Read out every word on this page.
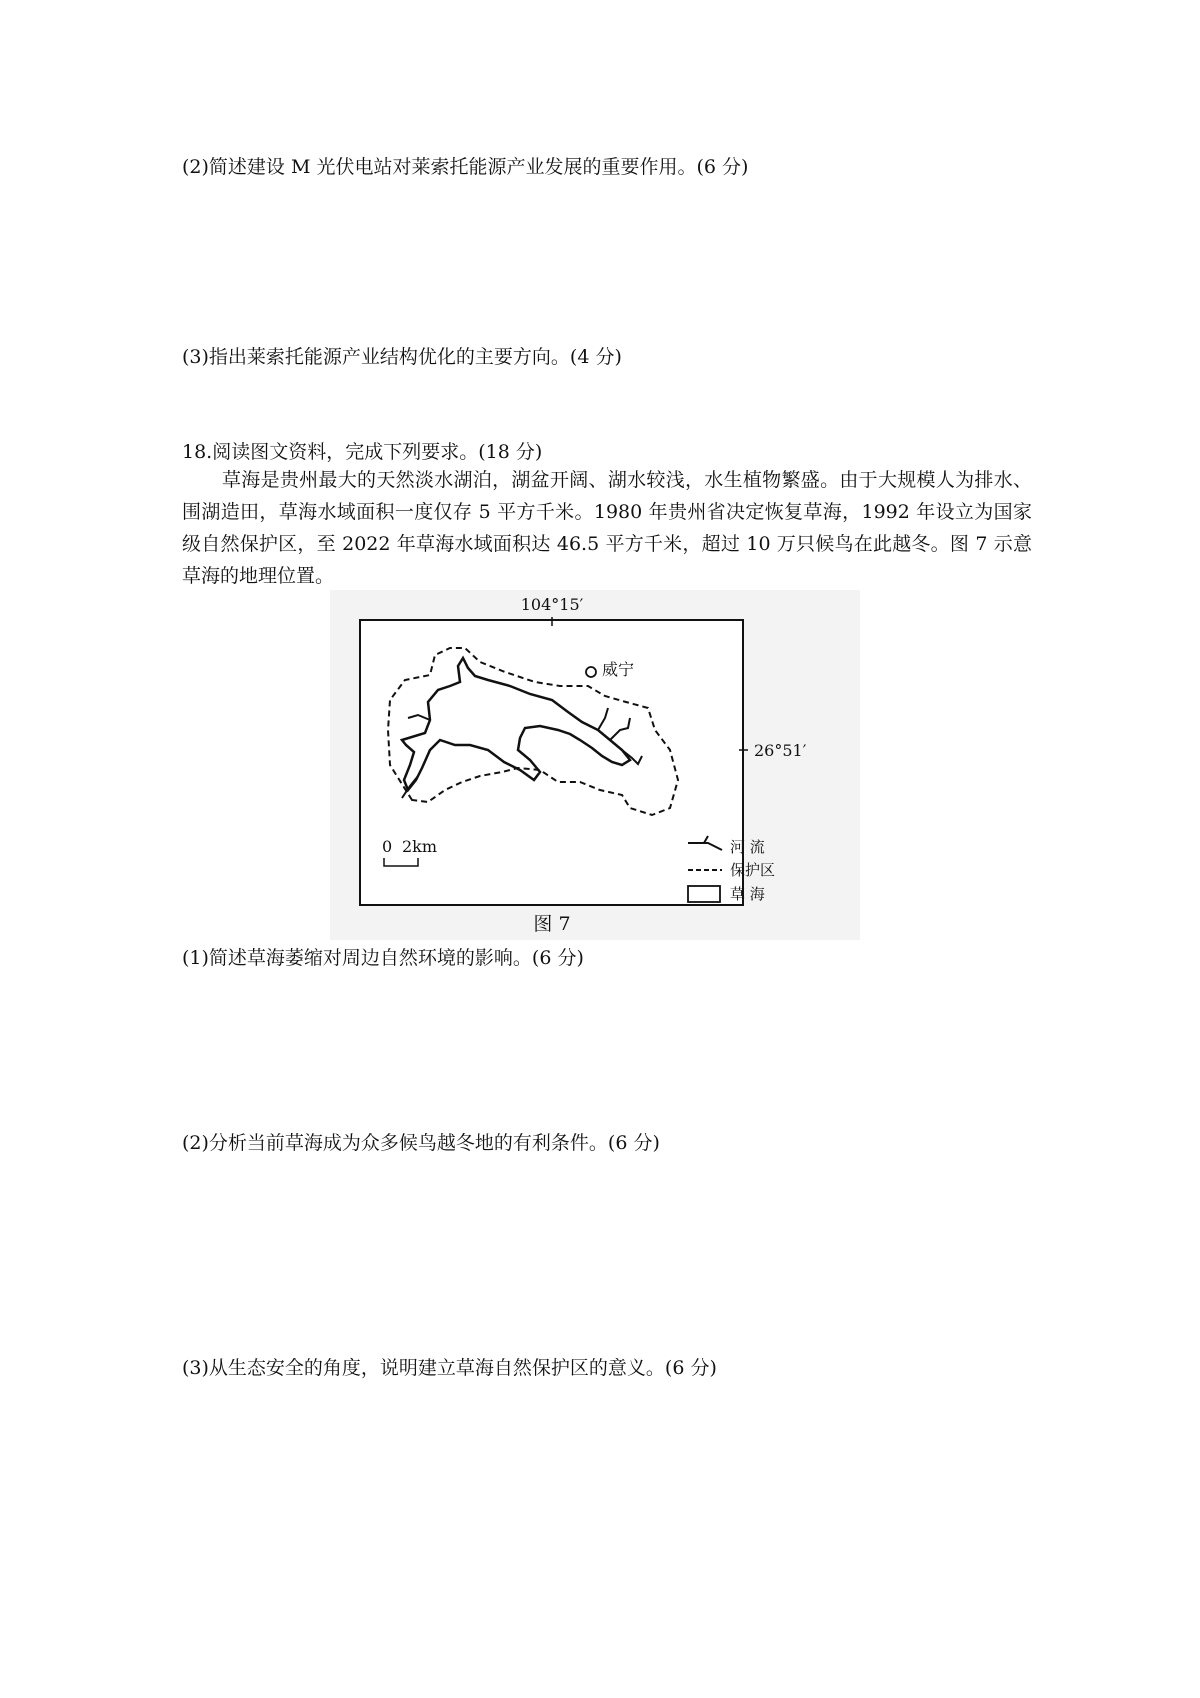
(2)简述建设 M 光伏电站对莱索托能源产业发展的重要作用。(6 分)
(3)指出莱索托能源产业结构优化的主要方向。(4 分)
18.阅读图文资料，完成下列要求。(18 分)
草海是贵州最大的天然淡水湖泊，湖盆开阔、湖水较浅，水生植物繁盛。由于大规模人为排水、围湖造田，草海水域面积一度仅存 5 平方千米。1980 年贵州省决定恢复草海，1992 年设立为国家级自然保护区，至 2022 年草海水域面积达 46.5 平方千米，超过 10 万只候鸟在此越冬。图 7 示意草海的地理位置。
104°15′
26°51′
威宁
0 2km	河 流
保护区
草 海
图 7
(1)简述草海萎缩对周边自然环境的影响。(6 分)
(2)分析当前草海成为众多候鸟越冬地的有利条件。(6 分)
(3)从生态安全的角度，说明建立草海自然保护区的意义。(6 分)
